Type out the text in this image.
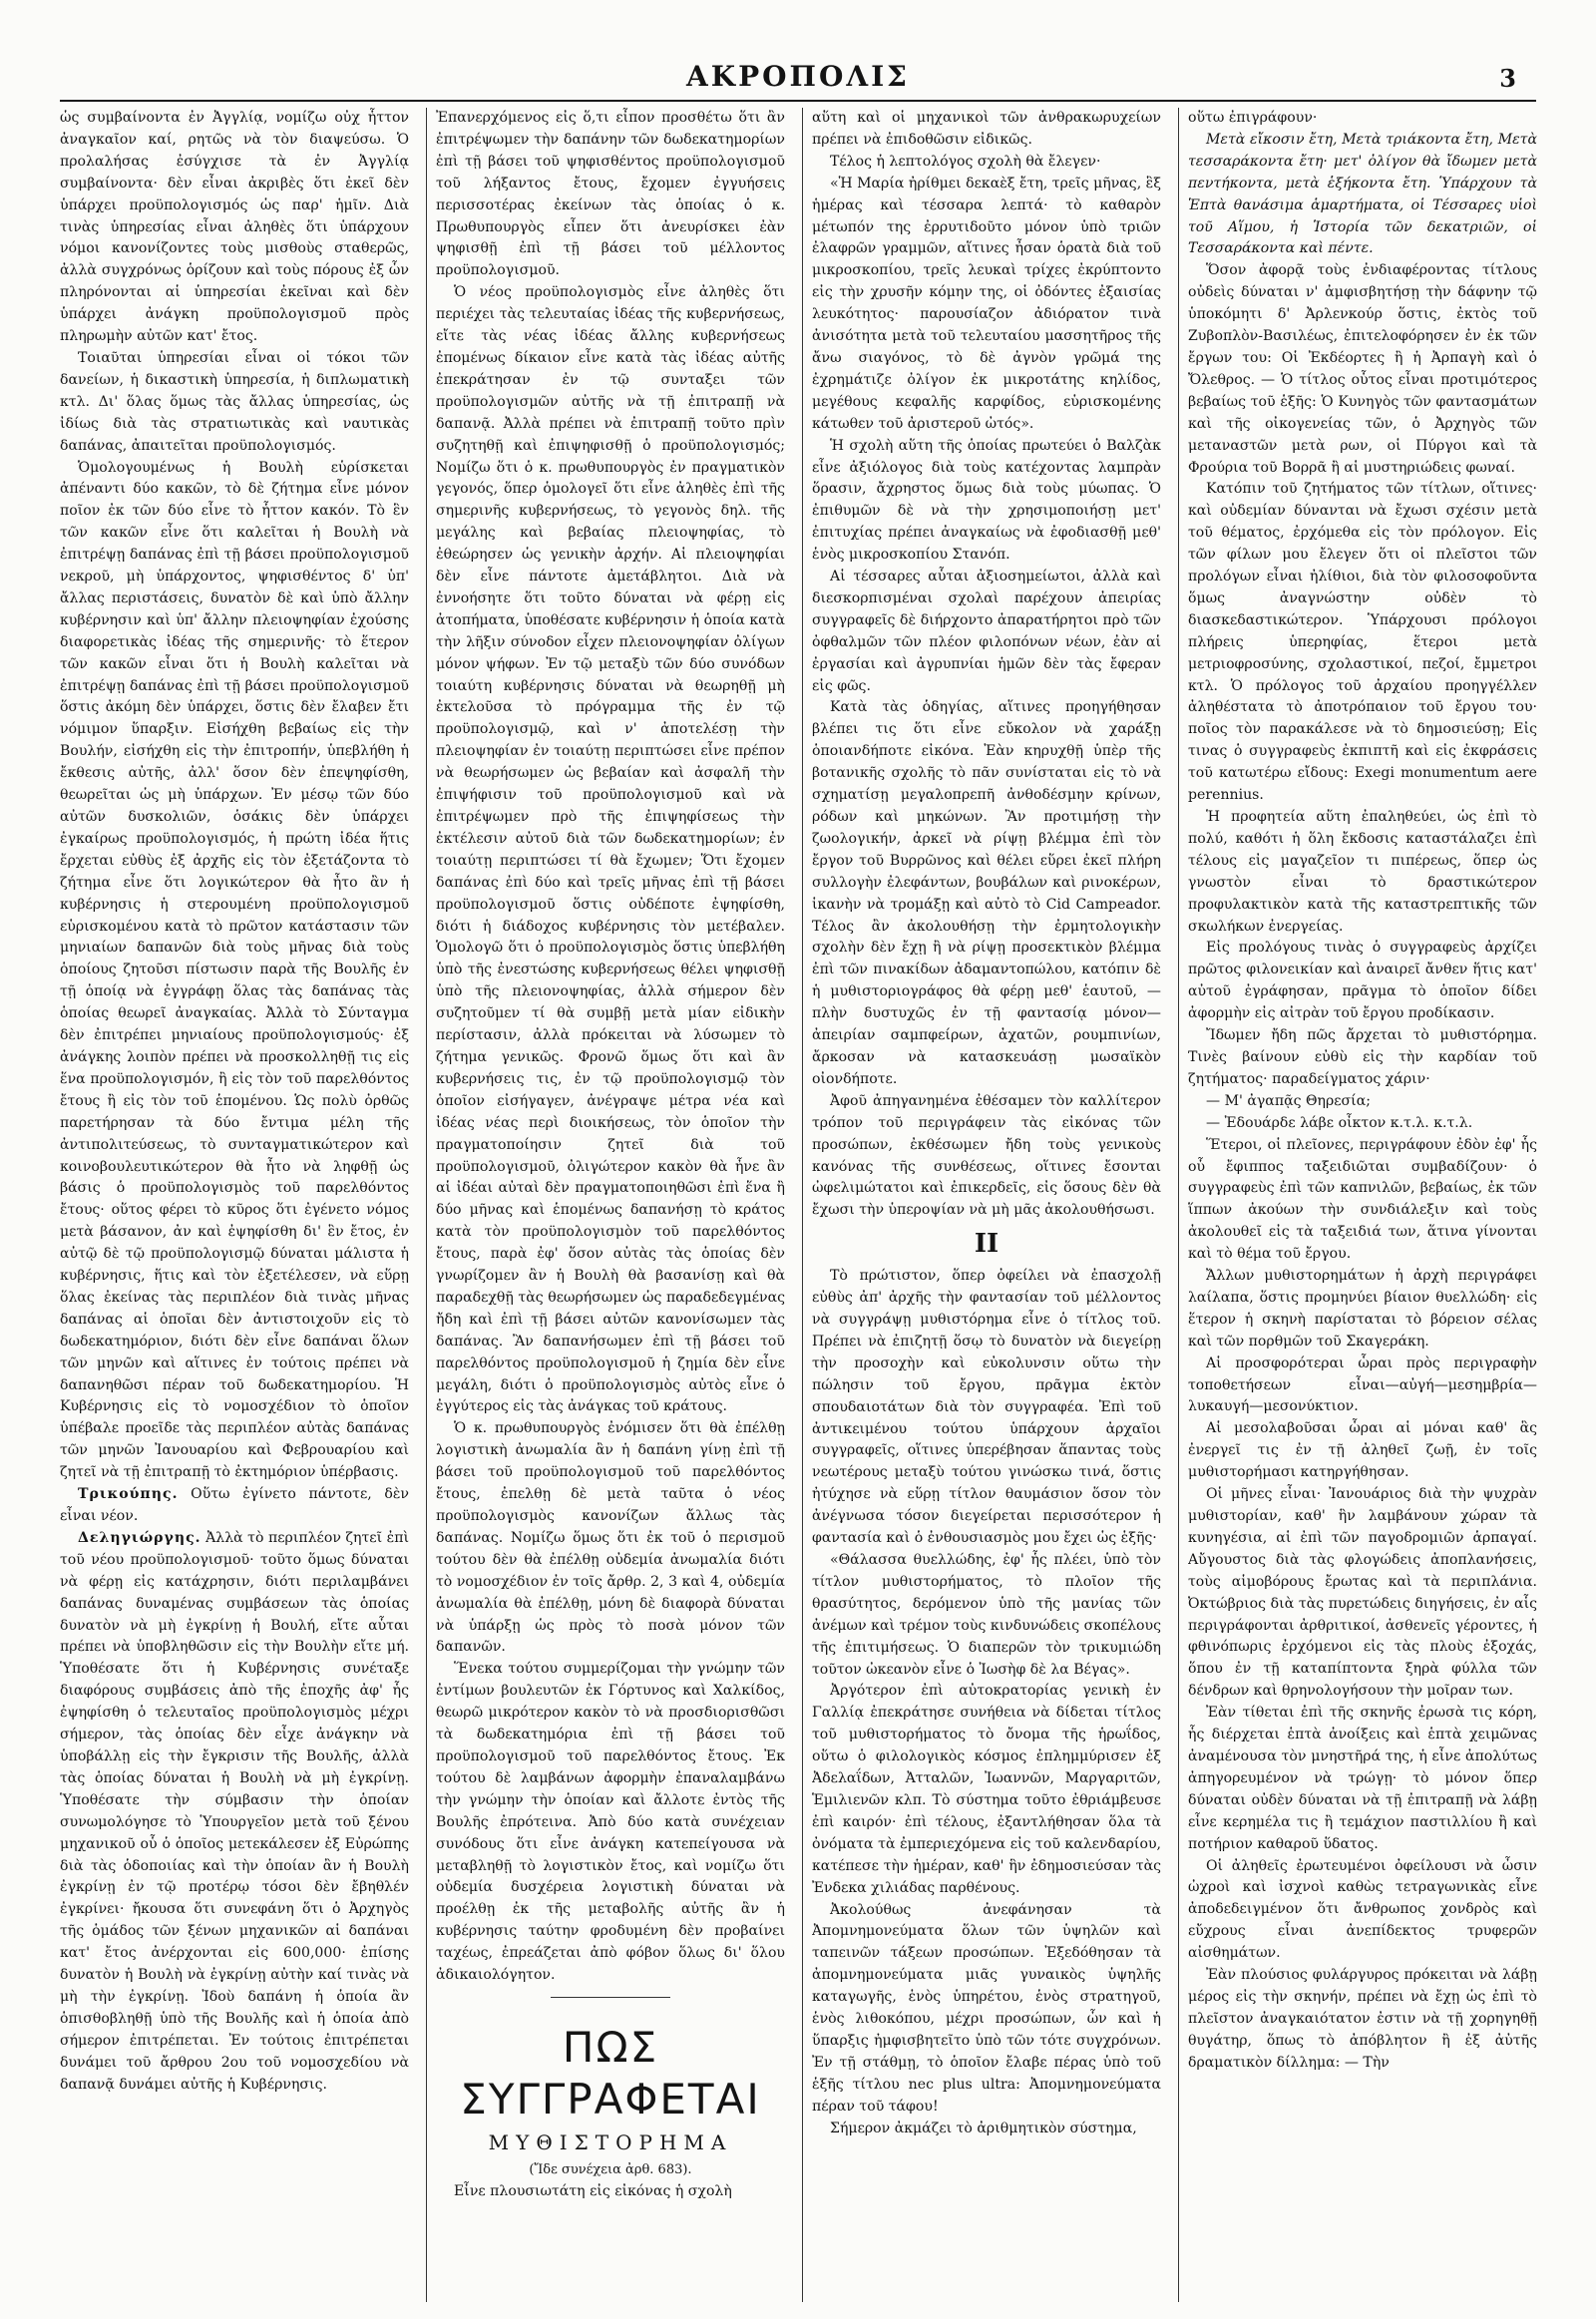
ΑΚΡΟΠΟΛΙΣ	3

ὡς συμβαίνοντα ἐν Ἀγγλίᾳ, νομίζω οὐχ ἧττον ἀναγκαῖον καί, ρητῶς νὰ τὸν διαψεύσω. Ὁ προλαλήσας ἐσύγχισε τὰ ἐν Ἀγγλίᾳ συμβαίνοντα· δὲν εἶναι ἀκριβὲς ὅτι ἐκεῖ δὲν ὑπάρχει προϋπολογισμός ὡς παρ' ἡμῖν. Διὰ τινὰς ὑπηρεσίας εἶναι ἀληθὲς ὅτι ὑπάρχουν νόμοι κανονίζοντες τοὺς μισθοὺς σταθερῶς, ἀλλὰ συγχρόνως ὁρίζουν καὶ τοὺς πόρους ἐξ ὧν πληρόνονται αἱ ὑπηρεσίαι ἐκεῖναι καὶ δὲν ὑπάρχει ἀνάγκη προϋπολογισμοῦ πρὸς πληρωμὴν αὐτῶν κατ' ἔτος.

Τοιαῦται ὑπηρεσίαι εἶναι οἱ τόκοι τῶν δανείων, ἡ δικαστικὴ ὑπηρεσία, ἡ διπλωματικὴ κτλ. Δι' ὅλας ὅμως τὰς ἄλλας ὑπηρεσίας, ὡς ἰδίως διὰ τὰς στρατιωτικὰς καὶ ναυτικὰς δαπάνας, ἀπαιτεῖται προϋπολογισμός.

Ὁμολογουμένως ἡ Βουλὴ εὑρίσκεται ἀπέναντι δύο κακῶν, τὸ δὲ ζήτημα εἶνε μόνον ποῖον ἐκ τῶν δύο εἶνε τὸ ἧττον κακόν. Τὸ ἓν τῶν κακῶν εἶνε ὅτι καλεῖται ἡ Βουλὴ νὰ ἐπιτρέψῃ δαπάνας ἐπὶ τῇ βάσει προϋπολογισμοῦ νεκροῦ, μὴ ὑπάρχοντος, ψηφισθέντος δ' ὑπ' ἄλλας περιστάσεις, δυνατὸν δὲ καὶ ὑπὸ ἄλλην κυβέρνησιν καὶ ὑπ' ἄλλην πλειοψηφίαν ἐχούσης διαφορετικὰς ἰδέας τῆς σημερινῆς· τὸ ἕτερον τῶν κακῶν εἶναι ὅτι ἡ Βουλὴ καλεῖται νὰ ἐπιτρέψῃ δαπάνας ἐπὶ τῇ βάσει προϋπολογισμοῦ ὅστις ἀκόμη δὲν ὑπάρχει, ὅστις δὲν ἔλαβεν ἔτι νόμιμον ὕπαρξιν. Εἰσήχθη βεβαίως εἰς τὴν Βουλήν, εἰσήχθη εἰς τὴν ἐπιτροπήν, ὑπεβλήθη ἡ ἔκθεσις αὐτῆς, ἀλλ' ὅσον δὲν ἐπεψηφίσθη, θεωρεῖται ὡς μὴ ὑπάρχων. Ἐν μέσῳ τῶν δύο αὐτῶν δυσκολιῶν, ὁσάκις δὲν ὑπάρχει ἐγκαίρως προϋπολογισμός, ἡ πρώτη ἰδέα ἥτις ἔρχεται εὐθὺς ἐξ ἀρχῆς εἰς τὸν ἐξετάζοντα τὸ ζήτημα εἶνε ὅτι λογικώτερον θὰ ἦτο ἂν ἡ κυβέρνησις ἡ στερουμένη προϋπολογισμοῦ εὑρισκομένου κατὰ τὸ πρῶτον κατάστασιν τῶν μηνιαίων δαπανῶν διὰ τοὺς μῆνας διὰ τοὺς ὁποίους ζητοῦσι πίστωσιν παρὰ τῆς Βουλῆς ἐν τῇ ὁποίᾳ νὰ ἐγγράφῃ ὅλας τὰς δαπάνας τὰς ὁποίας θεωρεῖ ἀναγκαίας. Ἀλλὰ τὸ Σύνταγμα δὲν ἐπιτρέπει μηνιαίους προϋπολογισμούς· ἐξ ἀνάγκης λοιπὸν πρέπει νὰ προσκολληθῇ τις εἰς ἕνα προϋπολογισμόν, ἢ εἰς τὸν τοῦ παρελθόντος ἔτους ἢ εἰς τὸν τοῦ ἑπομένου. Ὡς πολὺ ὀρθῶς παρετήρησαν τὰ δύο ἔντιμα μέλη τῆς ἀντιπολιτεύσεως, τὸ συνταγματικώτερον καὶ κοινοβουλευτικώτερον θὰ ἦτο νὰ ληφθῇ ὡς βάσις ὁ προϋπολογισμὸς τοῦ παρελθόντος ἔτους· οὕτος φέρει τὸ κῦρος ὅτι ἐγένετο νόμος μετὰ βάσανον, ἀν καὶ ἐψηφίσθη δι' ἓν ἔτος, ἐν αὐτῷ δὲ τῷ προϋπολογισμῷ δύναται μάλιστα ἡ κυβέρνησις, ἥτις καὶ τὸν ἐξετέλεσεν, νὰ εὕρῃ ὅλας ἐκείνας τὰς περιπλέον διὰ τινὰς μῆνας δαπάνας αἱ ὁποῖαι δὲν ἀντιστοιχοῦν εἰς τὸ δωδεκατημόριον, διότι δὲν εἶνε δαπάναι ὅλων τῶν μηνῶν καὶ αἵτινες ἐν τούτοις πρέπει νὰ δαπανηθῶσι πέραν τοῦ δωδεκατημορίου. Ἡ Κυβέρνησις εἰς τὸ νομοσχέδιον τὸ ὁποῖον ὑπέβαλε προεῖδε τὰς περιπλέον αὐτὰς δαπάνας τῶν μηνῶν Ἰανουαρίου καὶ Φεβρουαρίου καὶ ζητεῖ νὰ τῇ ἐπιτραπῇ τὸ ἐκτημόριον ὑπέρβασις.

Τρικούπης. Οὕτω ἐγίνετο πάντοτε, δὲν εἶναι νέον.

Δεληγιώργης. Ἀλλὰ τὸ περιπλέον ζητεῖ ἐπὶ τοῦ νέου προϋπολογισμοῦ· τοῦτο ὅμως δύναται νὰ φέρῃ εἰς κατάχρησιν, διότι περιλαμβάνει δαπάνας δυναμένας συμβάσεων τὰς ὁποίας δυνατὸν νὰ μὴ ἐγκρίνῃ ἡ Βουλή, εἴτε αὗται πρέπει νὰ ὑποβληθῶσιν εἰς τὴν Βουλὴν εἴτε μή. Ὑποθέσατε ὅτι ἡ Κυβέρνησις συνέταξε διαφόρους συμβάσεις ἀπὸ τῆς ἐποχῆς ἀφ' ἧς ἐψηφίσθη ὁ τελευταῖος προϋπολογισμὸς μέχρι σήμερον, τὰς ὁποίας δὲν εἶχε ἀνάγκην νὰ ὑποβάλλῃ εἰς τὴν ἔγκρισιν τῆς Βουλῆς, ἀλλὰ τὰς ὁποίας δύναται ἡ Βουλὴ νὰ μὴ ἐγκρίνῃ. Ὑποθέσατε τὴν σύμβασιν τὴν ὁποίαν συνωμολόγησε τὸ Ὑπουργεῖον μετὰ τοῦ ξένου μηχανικοῦ οὗ ὁ ὁποῖος μετεκάλεσεν ἐξ Εὐρώπης διὰ τὰς ὁδοποιίας καὶ τὴν ὁποίαν ἂν ἡ Βουλὴ ἐγκρίνῃ ἐν τῷ προτέρῳ τόσοι δὲν ἔβηθλέν ἐγκρίνει· ἤκουσα ὅτι συνεφάνη ὅτι ὁ Ἀρχηγὸς τῆς ὁμάδος τῶν ξένων μηχανικῶν αἱ δαπάναι κατ' ἔτος ἀνέρχονται εἰς 600,000· ἐπίσης δυνατὸν ἡ Βουλὴ νὰ ἐγκρίνῃ αὐτὴν καί τινὰς νὰ μὴ τὴν ἐγκρίνῃ. Ἰδοὺ δαπάνη ἡ ὁποία ἂν ὁπισθοβληθῇ ὑπὸ τῆς Βουλῆς καὶ ἡ ὁποία ἀπὸ σήμερον ἐπιτρέπεται. Ἐν τούτοις ἐπιτρέπεται δυνάμει τοῦ ἄρθρου 2ου τοῦ νομοσχεδίου νὰ δαπανᾷ δυνάμει αὐτῆς ἡ Κυβέρνησις.

Ἐπανερχόμενος εἰς ὅ,τι εἶπον προσθέτω ὅτι ἂν ἐπιτρέψωμεν τὴν δαπάνην τῶν δωδεκατημορίων ἐπὶ τῇ βάσει τοῦ ψηφισθέντος προϋπολογισμοῦ τοῦ λήξαντος ἔτους, ἔχομεν ἐγγυήσεις περισσοτέρας ἐκείνων τὰς ὁποίας ὁ κ. Πρωθυπουργὸς εἶπεν ὅτι ἀνευρίσκει ἐὰν ψηφισθῇ ἐπὶ τῇ βάσει τοῦ μέλλοντος προϋπολογισμοῦ.

Ὁ νέος προϋπολογισμὸς εἶνε ἀληθὲς ὅτι περιέχει τὰς τελευταίας ἰδέας τῆς κυβερνήσεως, εἴτε τὰς νέας ἰδέας ἄλλης κυβερνήσεως ἐπομένως δίκαιον εἶνε κατὰ τὰς ἰδέας αὐτῆς ἐπεκράτησαν ἐν τῷ συνταξει τῶν προϋπολογισμῶν αὐτῆς νὰ τῇ ἐπιτραπῇ νὰ δαπανᾷ. Ἀλλὰ πρέπει νὰ ἐπιτραπῇ τοῦτο πρὶν συζητηθῇ καὶ ἐπιψηφισθῇ ὁ προϋπολογισμός; Νομίζω ὅτι ὁ κ. πρωθυπουργὸς ἐν πραγματικὸν γεγονός, ὅπερ ὁμολογεῖ ὅτι εἶνε ἀληθὲς ἐπὶ τῆς σημερινῆς κυβερνήσεως, τὸ γεγονὸς δηλ. τῆς μεγάλης καὶ βεβαίας πλειοψηφίας, τὸ ἐθεώρησεν ὡς γενικὴν ἀρχήν. Αἱ πλειοψηφίαι δὲν εἶνε πάντοτε ἀμετάβλητοι. Διὰ νὰ ἐννοήσητε ὅτι τοῦτο δύναται νὰ φέρῃ εἰς ἀτοπήματα, ὑποθέσατε κυβέρνησιν ἡ ὁποία κατὰ τὴν λῆξιν σύνοδον εἶχεν πλειονοψηφίαν ὀλίγων μόνον ψήφων. Ἐν τῷ μεταξὺ τῶν δύο συνόδων τοιαύτη κυβέρνησις δύναται νὰ θεωρηθῇ μὴ ἐκτελοῦσα τὸ πρόγραμμα τῆς ἐν τῷ προϋπολογισμῷ, καὶ ν' ἀποτελέσῃ τὴν πλειοψηφίαν ἐν τοιαύτῃ περιπτώσει εἶνε πρέπον νὰ θεωρήσωμεν ὡς βεβαίαν καὶ ἀσφαλῆ τὴν ἐπιψήφισιν τοῦ προϋπολογισμοῦ καὶ νὰ ἐπιτρέψωμεν πρὸ τῆς ἐπιψηφίσεως τὴν ἐκτέλεσιν αὐτοῦ διὰ τῶν δωδεκατημορίων; ἐν τοιαύτῃ περιπτώσει τί θὰ ἔχωμεν; Ὅτι ἔχομεν δαπάνας ἐπὶ δύο καὶ τρεῖς μῆνας ἐπὶ τῇ βάσει προϋπολογισμοῦ ὅστις οὐδέποτε ἐψηφίσθη, διότι ἡ διάδοχος κυβέρνησις τὸν μετέβαλεν. Ὁμολογῶ ὅτι ὁ προϋπολογισμὸς ὅστις ὑπεβλήθη ὑπὸ τῆς ἐνεστώσης κυβερνήσεως θέλει ψηφισθῇ ὑπὸ τῆς πλειονοψηφίας, ἀλλὰ σήμερον δὲν συζητοῦμεν τί θὰ συμβῇ μετὰ μίαν εἰδικὴν περίστασιν, ἀλλὰ πρόκειται νὰ λύσωμεν τὸ ζήτημα γενικῶς. Φρονῶ ὅμως ὅτι καὶ ἂν κυβερνήσεις τις, ἐν τῷ προϋπολογισμῷ τὸν ὁποῖον εἰσήγαγεν, ἀνέγραψε μέτρα νέα καὶ ἰδέας νέας περὶ διοικήσεως, τὸν ὁποῖον τὴν πραγματοποίησιν ζητεῖ διὰ τοῦ προϋπολογισμοῦ, ὀλιγώτερον κακὸν θὰ ἦνε ἂν αἱ ἰδέαι αὐταὶ δὲν πραγματοποιηθῶσι ἐπὶ ἕνα ἢ δύο μῆνας καὶ ἑπομένως δαπανήσῃ τὸ κράτος κατὰ τὸν προϋπολογισμὸν τοῦ παρελθόντος ἔτους, παρὰ ἐφ' ὅσον αὐτὰς τὰς ὁποίας δὲν γνωρίζομεν ἂν ἡ Βουλὴ θὰ βασανίσῃ καὶ θὰ παραδεχθῇ τὰς θεωρήσωμεν ὡς παραδεδεγμένας ἤδη καὶ ἐπὶ τῇ βάσει αὐτῶν κανονίσωμεν τὰς δαπάνας. Ἂν δαπανήσωμεν ἐπὶ τῇ βάσει τοῦ παρελθόντος προϋπολογισμοῦ ἡ ζημία δὲν εἶνε μεγάλη, διότι ὁ προϋπολογισμὸς αὐτὸς εἶνε ὁ ἐγγύτερος εἰς τὰς ἀνάγκας τοῦ κράτους.

Ὁ κ. πρωθυπουργὸς ἐνόμισεν ὅτι θὰ ἐπέλθῃ λογιστικὴ ἀνωμαλία ἂν ἡ δαπάνη γίνῃ ἐπὶ τῇ βάσει τοῦ προϋπολογισμοῦ τοῦ παρελθόντος ἔτους, ἐπελθῃ δὲ μετὰ ταῦτα ὁ νέος προϋπολογισμὸς κανονίζων ἄλλως τὰς δαπάνας. Νομίζω ὅμως ὅτι ἐκ τοῦ ὁ περισμοῦ τούτου δὲν θὰ ἐπέλθῃ οὐδεμία ἀνωμαλία διότι τὸ νομοσχέδιον ἐν τοῖς ἄρθρ. 2, 3 καὶ 4, οὐδεμία ἀνωμαλία θὰ ἐπέλθῃ, μόνη δὲ διαφορὰ δύναται νὰ ὑπάρξῃ ὡς πρὸς τὸ ποσὰ μόνον τῶν δαπανῶν.

Ἕνεκα τούτου συμμερίζομαι τὴν γνώμην τῶν ἐντίμων βουλευτῶν ἐκ Γόρτυνος καὶ Χαλκίδος, θεωρῶ μικρότερον κακὸν τὸ νὰ προσδιορισθῶσι τὰ δωδεκατημόρια ἐπὶ τῇ βάσει τοῦ προϋπολογισμοῦ τοῦ παρελθόντος ἔτους. Ἐκ τούτου δὲ λαμβάνων ἀφορμὴν ἐπαναλαμβάνω τὴν γνώμην τὴν ὁποίαν καὶ ἄλλοτε ἐντὸς τῆς Βουλῆς ἐπρότεινα. Ἀπὸ δύο κατὰ συνέχειαν συνόδους ὅτι εἶνε ἀνάγκη κατεπείγουσα νὰ μεταβληθῇ τὸ λογιστικὸν ἔτος, καὶ νομίζω ὅτι οὐδεμία δυσχέρεια λογιστικὴ δύναται νὰ προέλθῃ ἐκ τῆς μεταβολῆς αὐτῆς ἂν ἡ κυβέρνησις ταύτην φροδυμένη δὲν προβαίνει ταχέως, ἐπρεάζεται ἀπὸ φόβον ὅλως δι' ὅλου ἀδικαιολόγητον.

ΠΩΣ ΣΥΓΓΡΑΦΕΤΑΙ
ΜΥΘΙΣΤΟΡΗΜΑ
(Ἴδε συνέχεια ἀρθ. 683).

Εἶνε πλουσιωτάτη εἰς εἰκόνας ἡ σχολὴ

αὕτη καὶ οἱ μηχανικοὶ τῶν ἀνθρακωρυχείων πρέπει νὰ ἐπιδοθῶσιν εἰδικῶς.

Τέλος ἡ λεπτολόγος σχολὴ θὰ ἔλεγεν·

«Ἡ Μαρία ἠρίθμει δεκαὲξ ἔτη, τρεῖς μῆνας, ἓξ ἡμέρας καὶ τέσσαρα λεπτά· τὸ καθαρὸν μέτωπόν της ἐρρυτιδοῦτο μόνον ὑπὸ τριῶν ἐλαφρῶν γραμμῶν, αἵτινες ἦσαν ὁρατὰ διὰ τοῦ μικροσκοπίου, τρεῖς λευκαὶ τρίχες ἐκρύπτοντο εἰς τὴν χρυσῆν κόμην της, οἱ ὀδόντες ἐξαισίας λευκότητος· παρουσίαζον ἀδιόρατον τινὰ ἀνισότητα μετὰ τοῦ τελευταίου μασσητῆρος τῆς ἄνω σιαγόνος, τὸ δὲ ἀγνὸν γρῶμά της ἐχρημάτιζε ὀλίγον ἐκ μικροτάτης κηλίδος, μεγέθους κεφαλῆς καρφίδος, εὑρισκομένης κάτωθεν τοῦ ἀριστεροῦ ὠτός».

Ἡ σχολὴ αὕτη τῆς ὁποίας πρωτεύει ὁ Βαλζὰκ εἶνε ἀξιόλογος διὰ τοὺς κατέχοντας λαμπρὰν ὅρασιν, ἄχρηστος ὅμως διὰ τοὺς μύωπας. Ὁ ἐπιθυμῶν δὲ νὰ τὴν χρησιμοποιήσῃ μετ' ἐπιτυχίας πρέπει ἀναγκαίως νὰ ἐφοδιασθῇ μεθ' ἑνὸς μικροσκοπίου Στανόπ.

Αἱ τέσσαρες αὗται ἀξιοσημείωτοι, ἀλλὰ καὶ διεσκορπισμέναι σχολαὶ παρέχουν ἀπειρίας συγγραφεῖς δὲ διήρχοντο ἀπαρατήρητοι πρὸ τῶν ὀφθαλμῶν τῶν πλέον φιλοπόνων νέων, ἐὰν αἱ ἐργασίαι καὶ ἀγρυπνίαι ἡμῶν δὲν τὰς ἔφεραν εἰς φῶς.

Κατὰ τὰς ὁδηγίας, αἵτινες προηγήθησαν βλέπει τις ὅτι εἶνε εὔκολον νὰ χαράξῃ ὁποιανδήποτε εἰκόνα. Ἐὰν κηρυχθῇ ὑπὲρ τῆς βοτανικῆς σχολῆς τὸ πᾶν συνίσταται εἰς τὸ νὰ σχηματίσῃ μεγαλοπρεπῆ ἀνθοδέσμην κρίνων, ρόδων καὶ μηκώνων. Ἂν προτιμήσῃ τὴν ζωολογικήν, ἀρκεῖ νὰ ρίψῃ βλέμμα ἐπὶ τὸν ἔργον τοῦ Βυρρῶνος καὶ θέλει εὕρει ἐκεῖ πλήρη συλλογὴν ἐλεφάντων, βουβάλων καὶ ρινοκέρων, ἱκανὴν νὰ τρομάξῃ καὶ αὐτὸ τὸ Cid Campeador. Τέλος ἂν ἀκολουθήσῃ τὴν ἐρμητολογικὴν σχολὴν δὲν ἔχῃ ἢ νὰ ρίψῃ προσεκτικὸν βλέμμα ἐπὶ τῶν πινακίδων ἀδαμαντοπώλου, κατόπιν δὲ ἡ μυθιστοριογράφος θὰ φέρῃ μεθ' ἑαυτοῦ, —πλὴν δυστυχῶς ἐν τῇ φαντασίᾳ μόνον—ἀπειρίαν σαμπφείρων, ἀχατῶν, ρουμπινίων, ἄρκοσαν νὰ κατασκευάσῃ μωσαϊκὸν οἰονδήποτε.

Ἀφοῦ ἀπηγανημένα ἐθέσαμεν τὸν καλλίτερον τρόπον τοῦ περιγράφειν τὰς εἰκόνας τῶν προσώπων, ἐκθέσωμεν ἤδη τοὺς γενικοὺς κανόνας τῆς συνθέσεως, οἵτινες ἔσονται ὠφελιμώτατοι καὶ ἐπικερδεῖς, εἰς ὅσους δὲν θὰ ἔχωσι τὴν ὑπεροψίαν νὰ μὴ μᾶς ἀκολουθήσωσι.

ΙΙ

Τὸ πρώτιστον, ὅπερ ὀφείλει νὰ ἐπασχολῇ εὐθὺς ἀπ' ἀρχῆς τὴν φαντασίαν τοῦ μέλλοντος νὰ συγγράψῃ μυθιστόρημα εἶνε ὁ τίτλος τοῦ. Πρέπει νὰ ἐπιζητῇ ὅσῳ τὸ δυνατὸν νὰ διεγείρῃ τὴν προσοχὴν καὶ εὐκολυνσιν οὕτω τὴν πώλησιν τοῦ ἔργου, πρᾶγμα ἐκτὸν σπουδαιοτάτων διὰ τὸν συγγραφέα. Ἐπὶ τοῦ ἀντικειμένου τούτου ὑπάρχουν ἀρχαῖοι συγγραφεῖς, οἵτινες ὑπερέβησαν ἅπαντας τοὺς νεωτέρους μεταξὺ τούτου γινώσκω τινά, ὅστις ἠτύχησε νὰ εὕρῃ τίτλον θαυμάσιον ὅσον τὸν ἀνέγνωσα τόσον διεγείρεται περισσότερον ἡ φαντασία καὶ ὁ ἐνθουσιασμὸς μου ἔχει ὡς ἑξῆς·

«Θάλασσα θυελλώδης, ἐφ' ἧς πλέει, ὑπὸ τὸν τίτλον μυθιστορήματος, τὸ πλοῖον τῆς θρασύτητος, δερόμενον ὑπὸ τῆς μανίας τῶν ἀνέμων καὶ τρέμον τοὺς κινδυνώδεις σκοπέλους τῆς ἐπιτιμήσεως. Ὁ διαπερῶν τὸν τρικυμιώδη τοῦτον ὠκεανὸν εἶνε ὁ Ἰωσὴφ δὲ λα Βέγας».

Ἀργότερον ἐπὶ αὐτοκρατορίας γενικὴ ἐν Γαλλίᾳ ἐπεκράτησε συνήθεια νὰ δίδεται τίτλος τοῦ μυθιστορήματος τὸ ὄνομα τῆς ἡρωΐδος, οὕτω ὁ φιλολογικὸς κόσμος ἐπλημμύρισεν ἐξ Ἀδελαΐδων, Ἀτταλῶν, Ἰωαννῶν, Μαργαριτῶν, Ἑμιλιενῶν κλπ. Τὸ σύστημα τοῦτο ἐθριάμβευσε ἐπὶ καιρόν· ἐπὶ τέλους, ἐξαντλήθησαν ὅλα τὰ ὀνόματα τὰ ἐμπεριεχόμενα εἰς τοῦ καλενδαρίου, κατέπεσε τὴν ἡμέραν, καθ' ἣν ἐδημοσιεύσαν τὰς Ἐνδεκα χιλιάδας παρθένους.

Ἀκολούθως ἀνεφάνησαν τὰ Ἀπομνημονεύματα ὅλων τῶν ὑψηλῶν καὶ ταπεινῶν τάξεων προσώπων. Ἐξεδόθησαν τὰ ἀπομνημονεύματα μιᾶς γυναικὸς ὑψηλῆς καταγωγῆς, ἑνὸς ὑπηρέτου, ἑνὸς στρατηγοῦ, ἑνὸς λιθοκόπου, μέχρι προσώπων, ὧν καὶ ἡ ὕπαρξις ἠμφισβητεῖτο ὑπὸ τῶν τότε συγχρόνων. Ἐν τῇ στάθμῃ, τὸ ὁποῖον ἔλαβε πέρας ὑπὸ τοῦ ἑξῆς τίτλου nec plus ultra: Ἀπομνημονεύματα πέραν τοῦ τάφου!

Σήμερον ἀκμάζει τὸ ἀριθμητικὸν σύστημα,

οὕτω ἐπιγράφουν·

Μετὰ εἴκοσιν ἔτη, Μετὰ τριάκοντα ἔτη, Μετὰ τεσσαράκοντα ἔτη· μετ' ὀλίγον θὰ ἴδωμεν μετὰ πεντήκοντα, μετὰ ἑξήκοντα ἔτη. Ὑπάρχουν τὰ Ἑπτὰ θανάσιμα ἁμαρτήματα, οἱ Τέσσαρες υἱοὶ τοῦ Αἵμου, ἡ Ἱστορία τῶν δεκατριῶν, οἱ Τεσσαράκοντα καὶ πέντε.

Ὅσον ἀφορᾷ τοὺς ἐνδιαφέροντας τίτλους οὐδεὶς δύναται ν' ἀμφισβητήσῃ τὴν δάφνην τῷ ὑποκόμητι δ' Ἀρλενκούρ ὅστις, ἐκτὸς τοῦ Ζυβοπλὸν-Βασιλέως, ἐπιτελοφόρησεν ἐν ἐκ τῶν ἔργων του: Οἱ Ἐκδέορτες ἢ ἡ Ἀρπαγὴ καὶ ὁ Ὄλεθρος. — Ὁ τίτλος οὗτος εἶναι προτιμότερος βεβαίως τοῦ ἑξῆς: Ὁ Κυνηγὸς τῶν φαντασμάτων καὶ τῆς οἰκογενείας τῶν, ὁ Ἀρχηγὸς τῶν μεταναστῶν μετὰ ρων, οἱ Πύργοι καὶ τὰ Φρούρια τοῦ Βορρᾶ ἢ αἱ μυστηριώδεις φωναί.

Κατόπιν τοῦ ζητήματος τῶν τίτλων, οἵτινες· καὶ οὐδεμίαν δύνανται νὰ ἔχωσι σχέσιν μετὰ τοῦ θέματος, ἐρχόμεθα εἰς τὸν πρόλογον. Εἰς τῶν φίλων μου ἔλεγεν ὅτι οἱ πλεῖστοι τῶν προλόγων εἶναι ἠλίθιοι, διὰ τὸν φιλοσοφοῦντα ὅμως ἀναγνώστην οὐδὲν τὸ διασκεδαστικώτερον. Ὑπάρχουσι πρόλογοι πλήρεις ὑπερηφίας, ἕτεροι μετὰ μετριοφροσύνης, σχολαστικοί, πεζοί, ἔμμετροι κτλ. Ὁ πρόλογος τοῦ ἀρχαίου προηγγέλλεν ἀληθέστατα τὸ ἀποτρόπαιον τοῦ ἔργου του· ποῖος τὸν παρακάλεσε νὰ τὸ δημοσιεύσῃ; Εἰς τινας ὁ συγγραφεὺς ἐκπιπτῆ καὶ εἰς ἐκφράσεις τοῦ κατωτέρω εἴδους: Exegi monumentum aere perennius.

Ἡ προφητεία αὕτη ἐπαληθεύει, ὡς ἐπὶ τὸ πολύ, καθότι ἡ ὅλη ἔκδοσις καταστάλαζει ἐπὶ τέλους εἰς μαγαζεῖον τι πιπέρεως, ὅπερ ὠς γνωστὸν εἶναι τὸ δραστικώτερον προφυλακτικὸν κατὰ τῆς καταστρεπτικῆς τῶν σκωλήκων ἐνεργείας.

Εἰς προλόγους τινὰς ὁ συγγραφεὺς ἀρχίζει πρῶτος φιλονεικίαν καὶ ἀναιρεῖ ἄνθεν ἥτις κατ' αὐτοῦ ἐγράφησαν, πρᾶγμα τὸ ὁποῖον δίδει ἀφορμὴν εἰς αἰτρὰν τοῦ ἔργου προδίκασιν.

Ἴδωμεν ἤδη πῶς ἄρχεται τὸ μυθιστόρημα. Τινὲς βαίνουν εὐθὺ εἰς τὴν καρδίαν τοῦ ζητήματος· παραδείγματος χάριν·

— Μ' ἀγαπᾷς Θηρεσία;

— Ἐδουάρδε λάβε οἶκτον κ.τ.λ. κ.τ.λ.

Ἕτεροι, οἱ πλεῖονες, περιγράφουν ἐδὸν ἐφ' ἧς οὗ ἔφιππος ταξειδιῶται συμβαδίζουν· ὁ συγγραφεὺς ἐπὶ τῶν καπνιλῶν, βεβαίως, ἐκ τῶν ἵππων ἀκούων τὴν συνδιάλεξιν καὶ τοὺς ἀκολουθεῖ εἰς τὰ ταξειδιά των, ἅτινα γίνονται καὶ τὸ θέμα τοῦ ἔργου.

Ἄλλων μυθιστορημάτων ἡ ἀρχὴ περιγράφει λαίλαπα, ὅστις προμηνύει βίαιον θυελλώδη· εἰς ἕτερον ἡ σκηνὴ παρίσταται τὸ βόρειον σέλας καὶ τῶν πορθμῶν τοῦ Σκαγεράκη.

Αἱ προσφορότεραι ὧραι πρὸς περιγραφὴν τοποθετήσεων εἶναι—αὐγή—μεσημβρία—λυκαυγή—μεσονύκτιον.

Αἱ μεσολαβοῦσαι ὧραι αἱ μόναι καθ' ἃς ἐνεργεῖ τις ἐν τῇ ἀληθεῖ ζωῇ, ἐν τοῖς μυθιστορήμασι κατηργήθησαν.

Οἱ μῆνες εἶναι· Ἰανουάριος διὰ τὴν ψυχρὰν μυθιστορίαν, καθ' ἣν λαμβάνουν χώραν τὰ κυνηγέσια, αἱ ἐπὶ τῶν παγοδρομιῶν ἁρπαγαί. Αὔγουστος διὰ τὰς φλογώδεις ἀποπλανήσεις, τοὺς αἱμοβόρους ἔρωτας καὶ τὰ περιπλάνια. Ὀκτώβριος διὰ τὰς πυρετώδεις διηγήσεις, ἐν αἷς περιγράφονται ἀρθριτικοί, ἀσθενεῖς γέροντες, ἡ φθινόπωρις ἐρχόμενοι εἰς τὰς πλοὺς ἐξοχάς, ὅπου ἐν τῇ καταπίπτοντα ξηρὰ φύλλα τῶν δένδρων καὶ θρηνολογήσουν τὴν μοῖραν των.

Ἐὰν τίθεται ἐπὶ τῆς σκηνῆς ἐρωσὰ τις κόρη, ἧς διέρχεται ἑπτὰ ἀνοίξεις καὶ ἑπτὰ χειμῶνας ἀναμένουσα τὸν μνηστῆρά της, ἡ εἶνε ἀπολύτως ἀπηγορευμένον νὰ τρώγῃ· τὸ μόνον ὅπερ δύναται οὐδὲν δύναται νὰ τῇ ἐπιτραπῇ νὰ λάβῃ εἶνε κερημέλα τις ἢ τεμάχιον παστιλλίου ἢ καὶ ποτήριον καθαροῦ ὕδατος.

Οἱ ἀληθεῖς ἐρωτευμένοι ὀφείλουσι νὰ ὦσιν ὠχροὶ καὶ ἰσχνοὶ καθὼς τετραγωνικὰς εἶνε ἀποδεδειγμένον ὅτι ἄνθρωπος χονδρὸς καὶ εὔχρους εἶναι ἀνεπίδεκτος τρυφερῶν αἰσθημάτων.

Ἐὰν πλούσιος φυλάργυρος πρόκειται νὰ λάβῃ μέρος εἰς τὴν σκηνήν, πρέπει νὰ ἔχῃ ὡς ἐπὶ τὸ πλεῖστον ἀναγκαιότατον ἐστιν νὰ τῇ χορηγηθῇ θυγάτηρ, ὅπως τὸ ἀπόβλητον ἢ ἐξ ἀὐτῆς δραματικὸν δίλλημα: — Τὴν
